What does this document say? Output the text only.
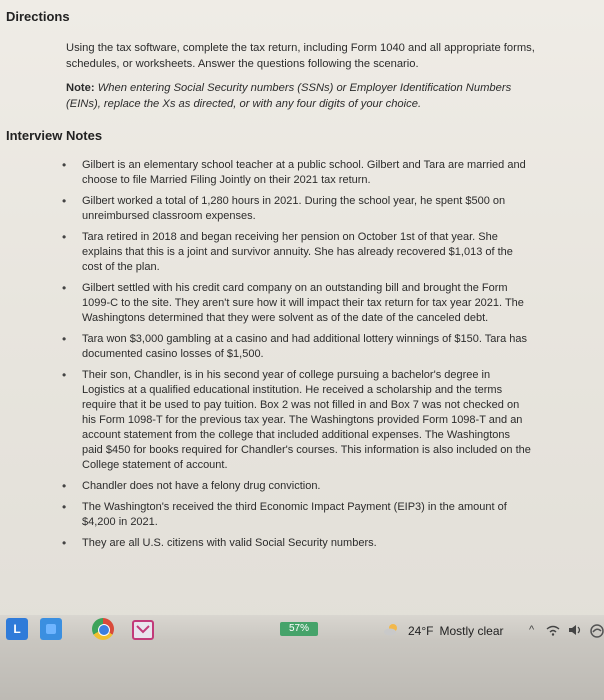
Directions
Using the tax software, complete the tax return, including Form 1040 and all appropriate forms, schedules, or worksheets. Answer the questions following the scenario.
Note: When entering Social Security numbers (SSNs) or Employer Identification Numbers (EINs), replace the Xs as directed, or with any four digits of your choice.
Interview Notes
• Gilbert is an elementary school teacher at a public school. Gilbert and Tara are married and choose to file Married Filing Jointly on their 2021 tax return.
• Gilbert worked a total of 1,280 hours in 2021. During the school year, he spent $500 on unreimbursed classroom expenses.
• Tara retired in 2018 and began receiving her pension on October 1st of that year. She explains that this is a joint and survivor annuity. She has already recovered $1,013 of the cost of the plan.
• Gilbert settled with his credit card company on an outstanding bill and brought the Form 1099-C to the site. They aren't sure how it will impact their tax return for tax year 2021. The Washingtons determined that they were solvent as of the date of the canceled debt.
• Tara won $3,000 gambling at a casino and had additional lottery winnings of $150. Tara has documented casino losses of $1,500.
• Their son, Chandler, is in his second year of college pursuing a bachelor's degree in Logistics at a qualified educational institution. He received a scholarship and the terms require that it be used to pay tuition. Box 2 was not filled in and Box 7 was not checked on his Form 1098-T for the previous tax year. The Washingtons provided Form 1098-T and an account statement from the college that included additional expenses. The Washingtons paid $450 for books required for Chandler's courses. This information is also included on the College statement of account.
• Chandler does not have a felony drug conviction.
• The Washington's received the third Economic Impact Payment (EIP3) in the amount of $4,200 in 2021.
• They are all U.S. citizens with valid Social Security numbers.
L	57%	24°F Mostly clear ^
